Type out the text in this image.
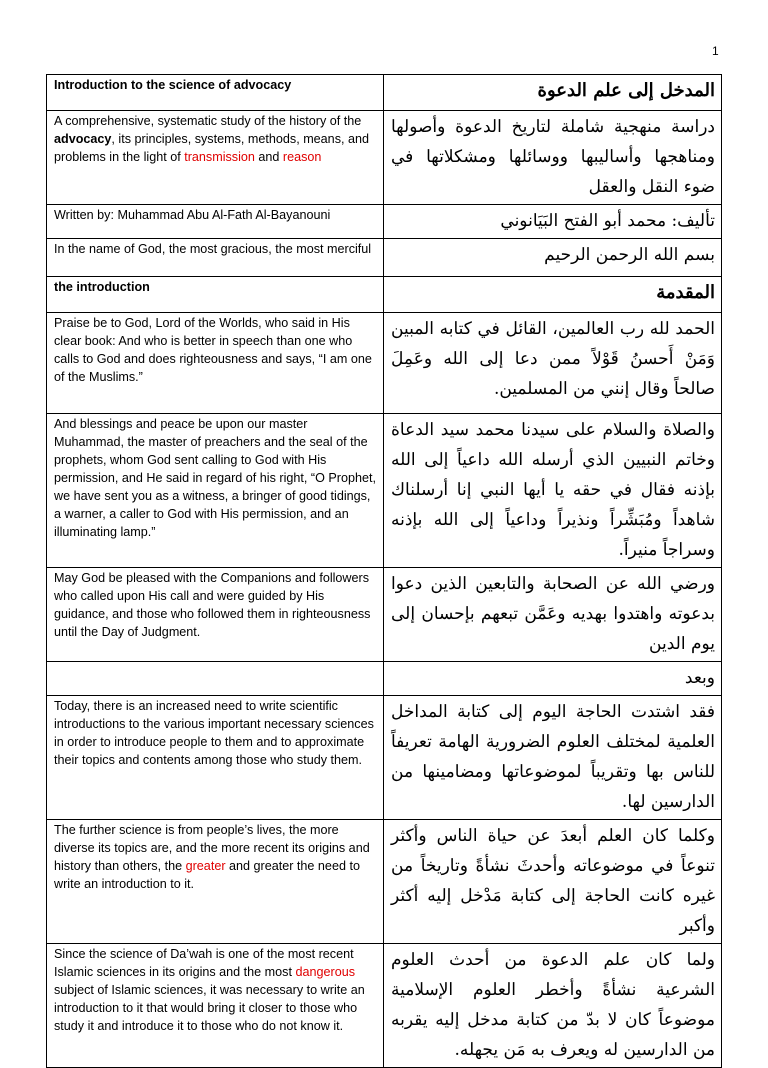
1
Introduction to the science of advocacy	المدخل إلى علم الدعوة
A comprehensive, systematic study of the history of the advocacy, its principles, systems, methods, means, and problems in the light of transmission and reason	دراسة منهجية شاملة لتاريخ الدعوة وأصولها ومناهجها وأساليبها ووسائلها ومشكلاتها في ضوء النقل والعقل
Written by: Muhammad Abu Al-Fath Al-Bayanouni	تأليف: محمد أبو الفتح البَيَانوني
In the name of God, the most gracious, the most merciful	بسم الله الرحمن الرحيم
the introduction	المقدمة
Praise be to God, Lord of the Worlds, who said in His clear book: And who is better in speech than one who calls to God and does righteousness and says, “I am one of the Muslims.”	الحمد لله رب العالمين، القائل في كتابه المبين وَمَنْ أَحسنُ قَوْلاً ممن دعا إلى الله وعَمِلَ صالحاً وقال إنني من المسلمين.
And blessings and peace be upon our master Muhammad, the master of preachers and the seal of the prophets, whom God sent calling to God with His permission, and He said in regard of his right, “O Prophet, we have sent you as a witness, a bringer of good tidings, a warner, a caller to God with His permission, and an illuminating lamp.”	والصلاة والسلام على سيدنا محمد سيد الدعاة وخاتم النبيين الذي أرسله الله داعياً إلى الله بإذنه فقال في حقه يا أيها النبي إنا أرسلناك شاهداً ومُبَشِّراً ونذيراً وداعياً إلى الله بإذنه وسراجاً منيراً.
May God be pleased with the Companions and followers who called upon His call and were guided by His guidance, and those who followed them in righteousness until the Day of Judgment.	ورضي الله عن الصحابة والتابعين الذين دعوا بدعوته واهتدوا بهديه وعَمَّن تبعهم بإحسان إلى يوم الدين
	وبعد
Today, there is an increased need to write scientific introductions to the various important necessary sciences in order to introduce people to them and to approximate their topics and contents among those who study them.	فقد اشتدت الحاجة اليوم إلى كتابة المداخل العلمية لمختلف العلوم الضرورية الهامة تعريفاً للناس بها وتقريباً لموضوعاتها ومضامينها من الدارسين لها.
The further science is from people’s lives, the more diverse its topics are, and the more recent its origins and history than others, the greater and greater the need to write an introduction to it.	وكلما كان العلم أبعدَ عن حياة الناس وأكثر تنوعاً في موضوعاته وأحدثَ نشأةً وتاريخاً من غيره كانت الحاجة إلى كتابة مَدْخل إليه أكثر وأكبر
Since the science of Da’wah is one of the most recent Islamic sciences in its origins and the most dangerous subject of Islamic sciences, it was necessary to write an introduction to it that would bring it closer to those who study it and introduce it to those who do not know it.	ولما كان علم الدعوة من أحدث العلوم الشرعية نشأةً وأخطر العلوم الإسلامية موضوعاً كان لا بدّ من كتابة مدخل إليه يقربه من الدارسين له ويعرف به مَن يجهله.
